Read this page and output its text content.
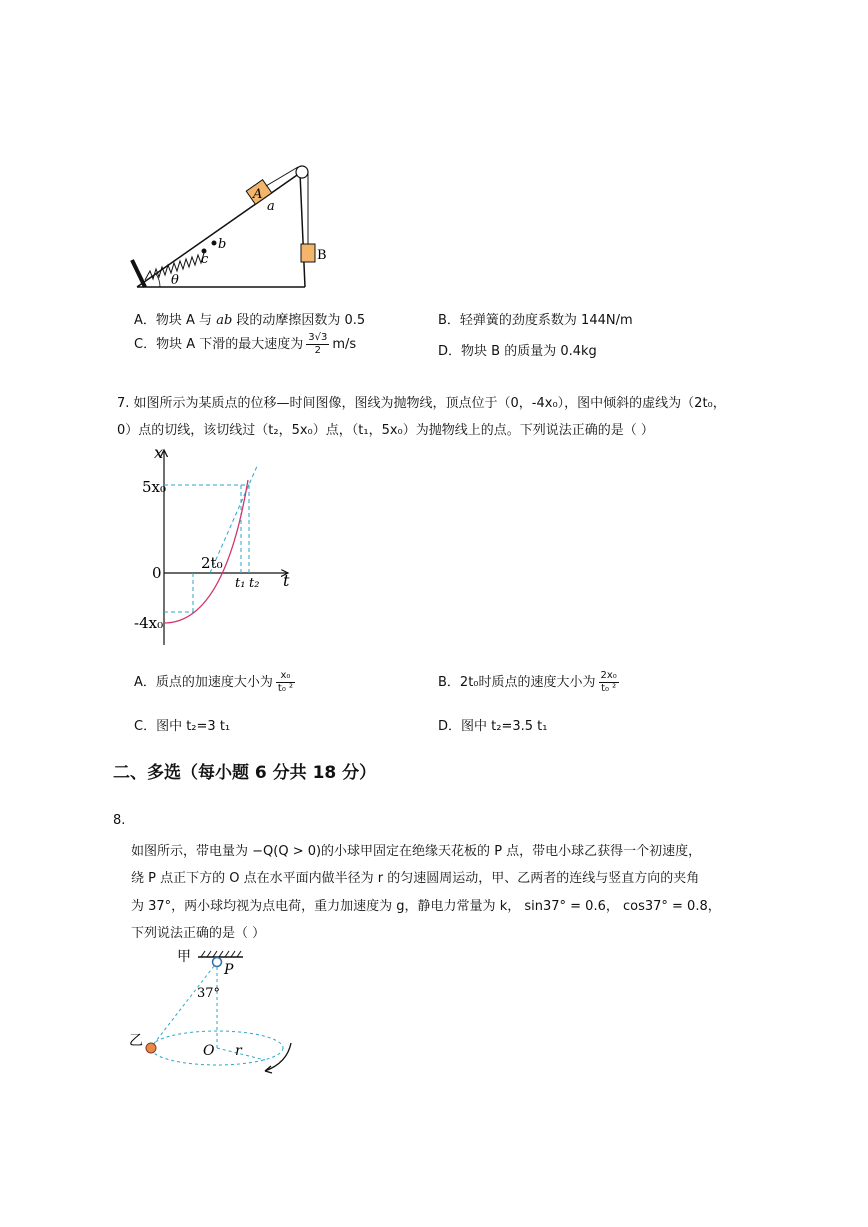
c
b
A
a
B
θ
A．物块 A 与 ab 段的动摩擦因数为 0.5	B．轻弹簧的劲度系数为 144N/m
C．物块 A 下滑的最大速度为 $\frac{3√3}{2} m/s$	D．物块 B 的质量为 0.4kg
7. 如图所示为某质点的位移—时间图像，图线为抛物线，顶点位于（0，-4x₀），图中倾斜的虚线为（2t₀，
0）点的切线，该切线过（t₂，5x₀）点，（t₁，5x₀）为抛物线上的点。下列说法正确的是（ ）
x
t
5x₀
0
-4x₀
2t₀
t₁ t₂
A．质点的加速度大小为 $\frac{\text{x₀}}{\text{t₀ ²}}$	B．2t₀时质点的速度大小为 $\frac{\text{2x₀}}{\text{t₀ ²}}$
C．图中 t₂=3 t₁	D．图中 t₂=3.5 t₁
二、多选（每小题 6 分共 18 分）
8.
如图所示，带电量为 −Q(Q > 0)的小球甲固定在绝缘天花板的 P 点，带电小球乙获得一个初速度，
绕 P 点正下方的 O 点在水平面内做半径为 r 的匀速圆周运动，甲、乙两者的连线与竖直方向的夹角
为 37°，两小球均视为点电荷，重力加速度为 g，静电力常量为 k， sin37° = 0.6， cos37° = 0.8，
下列说法正确的是（ ）
甲
P
37°
O r
乙
